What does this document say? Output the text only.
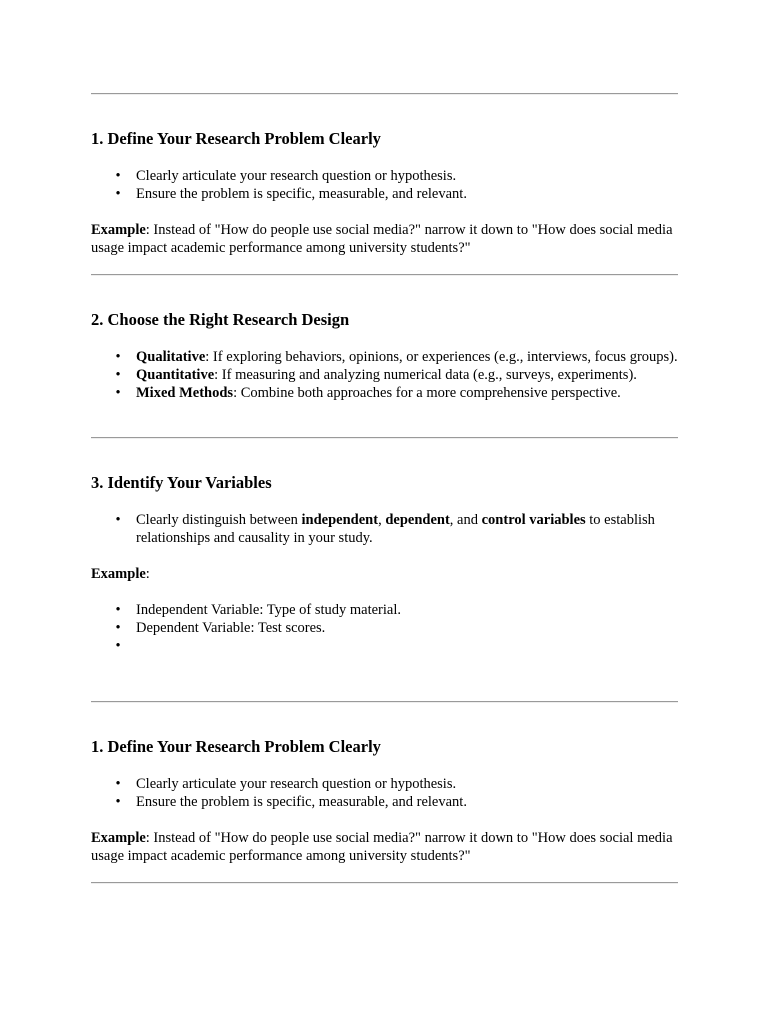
1. Define Your Research Problem Clearly
• Clearly articulate your research question or hypothesis.
• Ensure the problem is specific, measurable, and relevant.
Example: Instead of "How do people use social media?" narrow it down to "How does social media usage impact academic performance among university students?"
2. Choose the Right Research Design
• Qualitative: If exploring behaviors, opinions, or experiences (e.g., interviews, focus groups).
• Quantitative: If measuring and analyzing numerical data (e.g., surveys, experiments).
• Mixed Methods: Combine both approaches for a more comprehensive perspective.
3. Identify Your Variables
• Clearly distinguish between independent, dependent, and control variables to establish relationships and causality in your study.
Example:
• Independent Variable: Type of study material.
• Dependent Variable: Test scores.
•
1. Define Your Research Problem Clearly
• Clearly articulate your research question or hypothesis.
• Ensure the problem is specific, measurable, and relevant.
Example: Instead of "How do people use social media?" narrow it down to "How does social media usage impact academic performance among university students?"
